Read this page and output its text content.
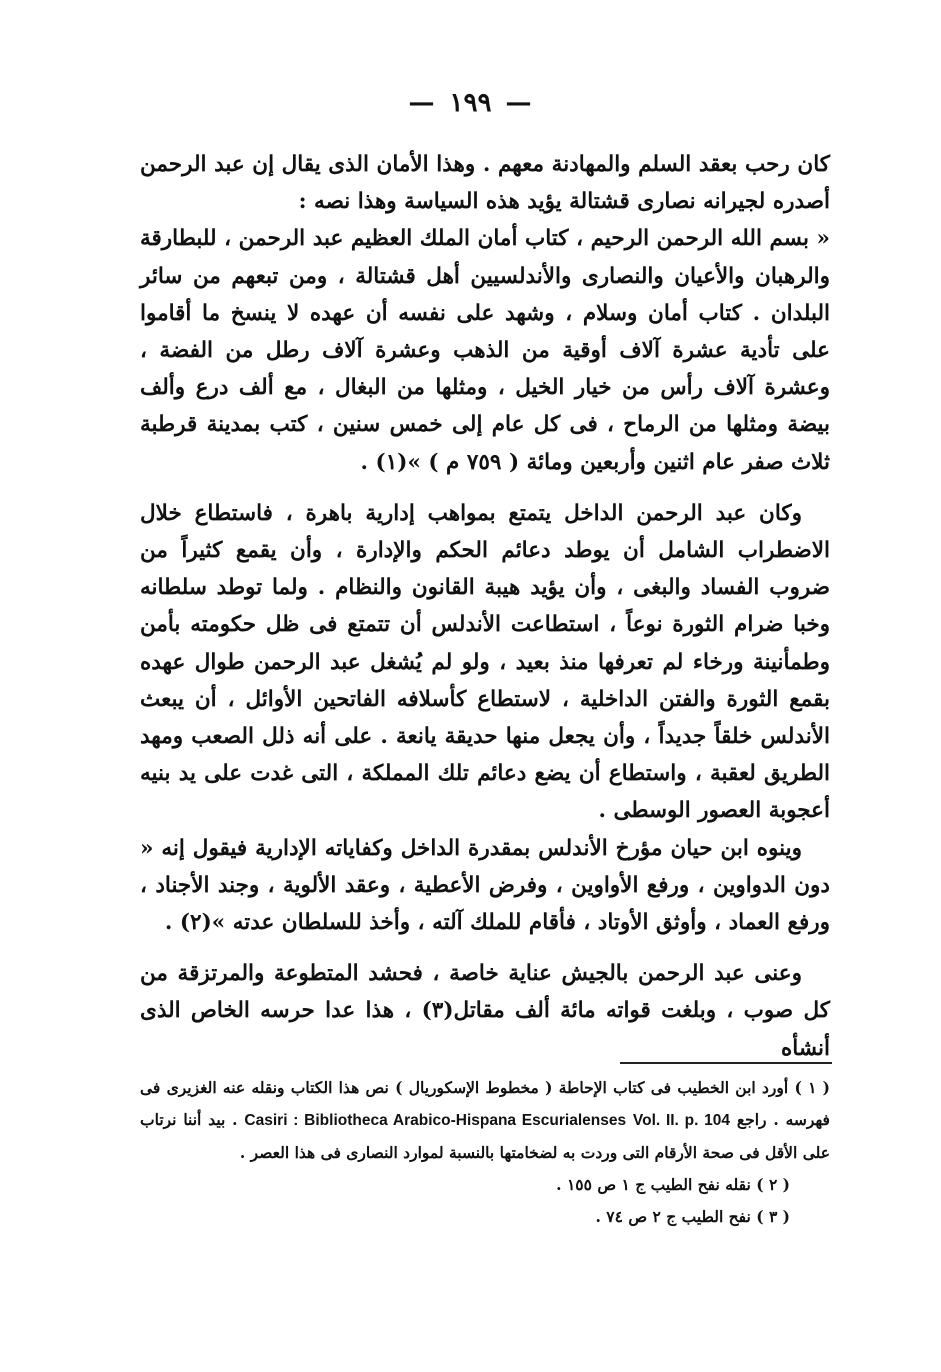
—١٩٩—

كان رحب بعقد السلم والمهادنة معهم . وهذا الأمان الذى يقال إن عبد الرحمن أصدره لجيرانه نصارى قشتالة يؤيد هذه السياسة وهذا نصه :

« بسم الله الرحمن الرحيم ، كتاب أمان الملك العظيم عبد الرحمن ، للبطارقة والرهبان والأعيان والنصارى والأندلسيين أهل قشتالة ، ومن تبعهم من سائر البلدان . كتاب أمان وسلام ، وشهد على نفسه أن عهده لا ينسخ ما أقاموا على تأدية عشرة آلاف أوقية من الذهب وعشرة آلاف رطل من الفضة ، وعشرة آلاف رأس من خيار الخيل ، ومثلها من البغال ، مع ألف درع وألف بيضة ومثلها من الرماح ، فى كل عام إلى خمس سنين ، كتب بمدينة قرطبة ثلاث صفر عام اثنين وأربعين ومائة ( ٧٥٩ م ) »(١) .

وكان عبد الرحمن الداخل يتمتع بمواهب إدارية باهرة ، فاستطاع خلال الاضطراب الشامل أن يوطد دعائم الحكم والإدارة ، وأن يقمع كثيراً من ضروب الفساد والبغى ، وأن يؤيد هيبة القانون والنظام . ولما توطد سلطانه وخبا ضرام الثورة نوعاً ، استطاعت الأندلس أن تتمتع فى ظل حكومته بأمن وطمأنينة ورخاء لم تعرفها منذ بعيد ، ولو لم يُشغل عبد الرحمن طوال عهده بقمع الثورة والفتن الداخلية ، لاستطاع كأسلافه الفاتحين الأوائل ، أن يبعث الأندلس خلقاً جديداً ، وأن يجعل منها حديقة يانعة . على أنه ذلل الصعب ومهد الطريق لعقبة ، واستطاع أن يضع دعائم تلك المملكة ، التى غدت على يد بنيه أعجوبة العصور الوسطى .

وينوه ابن حيان مؤرخ الأندلس بمقدرة الداخل وكفاياته الإدارية فيقول إنه « دون الدواوين ، ورفع الأواوين ، وفرض الأعطية ، وعقد الألوية ، وجند الأجناد ، ورفع العماد ، وأوثق الأوتاد ، فأقام للملك آلته ، وأخذ للسلطان عدته »(٢) .

وعنى عبد الرحمن بالجيش عناية خاصة ، فحشد المتطوعة والمرتزقة من كل صوب ، وبلغت قواته مائة ألف مقاتل(٣) ، هذا عدا حرسه الخاص الذى أنشأه

( ١ ) أورد ابن الخطيب فى كتاب الإحاطة ( مخطوط الإسكوريال ) نص هذا الكتاب ونقله عنه الغزيرى فى فهرسه . راجع Casiri : Bibliotheca Arabico-Hispana Escurialenses Vol. II. p. 104 . بيد أننا نرتاب على الأقل فى صحة الأرقام التى وردت به لضخامتها بالنسبة لموارد النصارى فى هذا العصر .

( ٢ ) نقله نفح الطيب ج ١ ص ١٥٥ .

( ٣ ) نفح الطيب ج ٢ ص ٧٤ .
